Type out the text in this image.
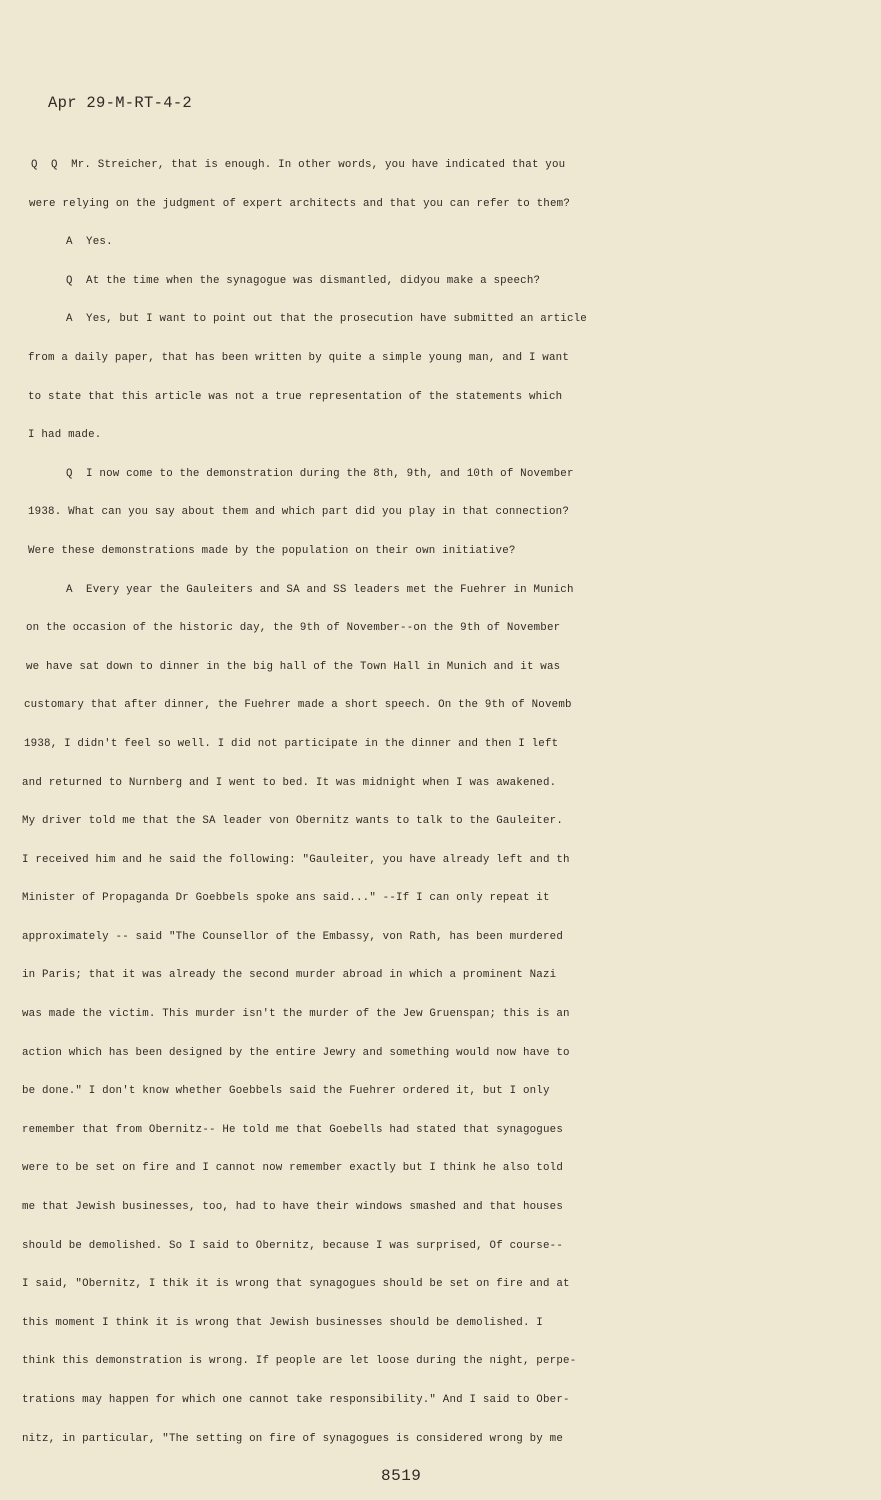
Apr 29-M-RT-4-2
Q  Q  Mr. Streicher, that is enough. In other words, you have indicated that you
were relying on the judgment of expert architects and that you can refer to them?
A  Yes.
Q  At the time when the synagogue was dismantled, didyou make a speech?
A  Yes, but I want to point out that the prosecution have submitted an article
from a daily paper, that has been written by quite a simple young man, and I want
to state that this article was not a true representation of the statements which
I had made.
Q  I now come to the demonstration during the 8th, 9th, and 10th of November
1938. What can you say about them and which part did you play in that connection?
Were these demonstrations made by the population on their own initiative?
A  Every year the Gauleiters and SA and SS leaders met the Fuehrer in Munich
on the occasion of the historic day, the 9th of November--on the 9th of November
we have sat down to dinner in the big hall of the Town Hall in Munich and it was
customary that after dinner, the Fuehrer made a short speech. On the 9th of Novemb
1938, I didn't feel so well. I did not participate in the dinner and then I left
and returned to Nurnberg and I went to bed. It was midnight when I was awakened.
My driver told me that the SA leader von Obernitz wants to talk to the Gauleiter.
I received him and he said the following: "Gauleiter, you have already left and th
Minister of Propaganda Dr Goebbels spoke ans said..." --If I can only repeat it
approximately -- said "The Counsellor of the Embassy, von Rath, has been murdered
in Paris; that it was already the second murder abroad in which a prominent Nazi
was made the victim. This murder isn't the murder of the Jew Gruenspan; this is an
action which has been designed by the entire Jewry and something would now have to
be done." I don't know whether Goebbels said the Fuehrer ordered it, but I only
remember that from Obernitz-- He told me that Goebells had stated that synagogues
were to be set on fire and I cannot now remember exactly but I think he also told
me that Jewish businesses, too, had to have their windows smashed and that houses
should be demolished. So I said to Obernitz, because I was surprised, Of course--
I said, "Obernitz, I thik it is wrong that synagogues should be set on fire and at
this moment I think it is wrong that Jewish businesses should be demolished. I
think this demonstration is wrong. If people are let loose during the night, perpe-
trations may happen for which one cannot take responsibility." And I said to Ober-
nitz, in particular, "The setting on fire of synagogues is considered wrong by me
8519
